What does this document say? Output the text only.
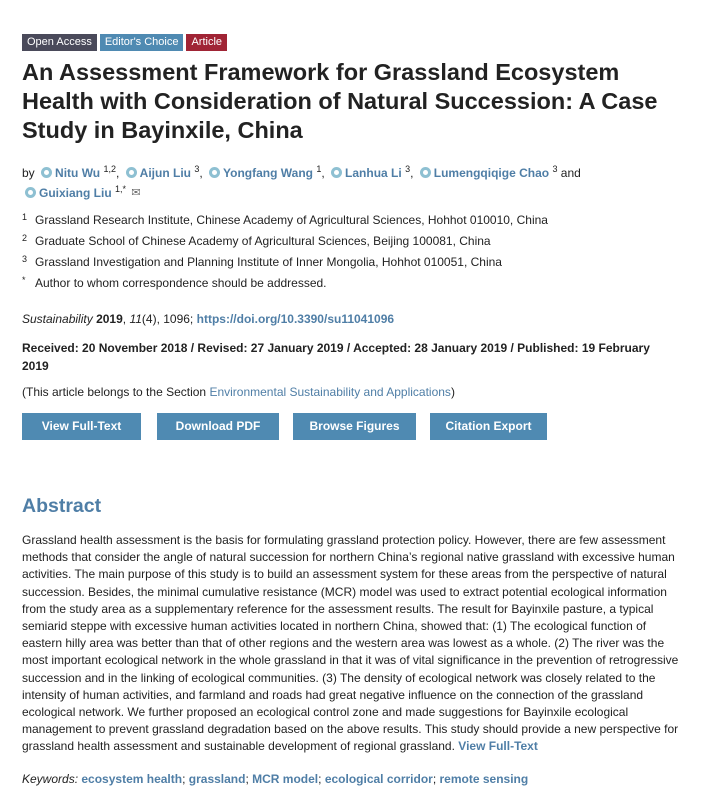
Open Access	Editor's Choice	Article
An Assessment Framework for Grassland Ecosystem Health with Consideration of Natural Succession: A Case Study in Bayinxile, China
by Nitu Wu $^{1,2}$, Aijun Liu $^3$, Yongfang Wang $^1$, Lanhua Li $^3$, Lumengqiqige Chao $^3$ and
Guixiang Liu $^{1,*}$ ✉
1 Grassland Research Institute, Chinese Academy of Agricultural Sciences, Hohhot 010010, China
2 Graduate School of Chinese Academy of Agricultural Sciences, Beijing 100081, China
3 Grassland Investigation and Planning Institute of Inner Mongolia, Hohhot 010051, China
* Author to whom correspondence should be addressed.
Sustainability 2019, 11(4), 1096; https://doi.org/10.3390/su11041096
Received: 20 November 2018 / Revised: 27 January 2019 / Accepted: 28 January 2019 / Published: 19 February 2019
(This article belongs to the Section Environmental Sustainability and Applications)
View Full-Text	Download PDF	Browse Figures	Citation Export
Abstract

Grassland health assessment is the basis for formulating grassland protection policy. However, there are few assessment methods that consider the angle of natural succession for northern China’s regional native grassland with excessive human activities. The main purpose of this study is to build an assessment system for these areas from the perspective of natural succession. Besides, the minimal cumulative resistance (MCR) model was used to extract potential ecological information from the study area as a supplementary reference for the assessment results. The result for Bayinxile pasture, a typical semiarid steppe with excessive human activities located in northern China, showed that: (1) The ecological function of eastern hilly area was better than that of other regions and the western area was lowest as a whole. (2) The river was the most important ecological network in the whole grassland in that it was of vital significance in the prevention of retrogressive succession and in the linking of ecological communities. (3) The density of ecological network was closely related to the intensity of human activities, and farmland and roads had great negative influence on the connection of the grassland ecological network. We further proposed an ecological control zone and made suggestions for Bayinxile ecological management to prevent grassland degradation based on the above results. This study should provide a new perspective for grassland health assessment and sustainable development of regional grassland. View Full-Text

Keywords: ecosystem health; grassland; MCR model; ecological corridor; remote sensing
